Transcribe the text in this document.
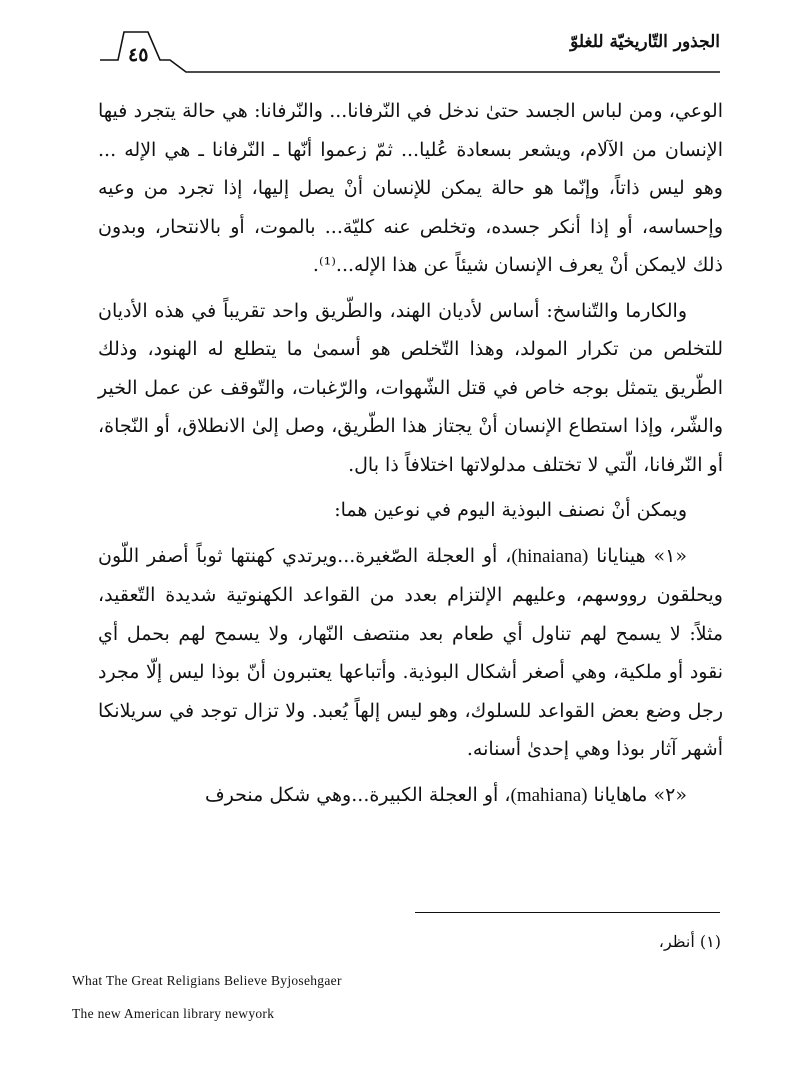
الجذور التّاريخيّة للغلوّ
٤٥

الوعي، ومن لباس الجسد حتىٰ ندخل في النّرفانا... والنّرفانا: هي حالة يتجرد فيها الإنسان من الآلام، ويشعر بسعادة عُليا... ثمّ زعموا أنّها ـ النّرفانا ـ هي الإله ... وهو ليس ذاتاً، وإنّما هو حالة يمكن للإنسان أنْ يصل إليها، إذا تجرد من وعيه وإحساسه، أو إذا أنكر جسده، وتخلص عنه كليّة... بالموت، أو بالانتحار، وبدون ذلك لايمكن أنْ يعرف الإنسان شيئاً عن هذا الإله...⁽¹⁾.

والكارما والتّناسخ: أساس لأديان الهند، والطّريق واحد تقريباً في هذه الأديان للتخلص من تكرار المولد، وهذا التّخلص هو أسمىٰ ما يتطلع له الهنود، وذلك الطّريق يتمثل بوجه خاص في قتل الشّهوات، والرّغبات، والتّوقف عن عمل الخير والشّر، وإذا استطاع الإنسان أنْ يجتاز هذا الطّريق، وصل إلىٰ الانطلاق، أو النّجاة، أو النّرفانا، الّتي لا تختلف مدلولاتها اختلافاً ذا بال.

ويمكن أنْ نصنف البوذية اليوم في نوعين هما:

«١» هينايانا (hinaiana)، أو العجلة الصّغيرة...ويرتدي كهنتها ثوباً أصفر اللّون ويحلقون رووسهم، وعليهم الإلتزام بعدد من القواعد الكهنوتية شديدة التّعقيد، مثلاً: لا يسمح لهم تناول أي طعام بعد منتصف النّهار، ولا يسمح لهم بحمل أي نقود أو ملكية، وهي أصغر أشكال البوذية. وأتباعها يعتبرون أنّ بوذا ليس إلّا مجرد رجل وضع بعض القواعد للسلوك، وهو ليس إلهاً يُعبد. ولا تزال توجد في سريلانكا أشهر آثار بوذا وهي إحدىٰ أسنانه.

«٢» ماهايانا (mahiana)، أو العجلة الكبيرة...وهي شكل منحرف

(١) أنظر،
What The Great Religians Believe Byjosehgaer
The new American library newyork
